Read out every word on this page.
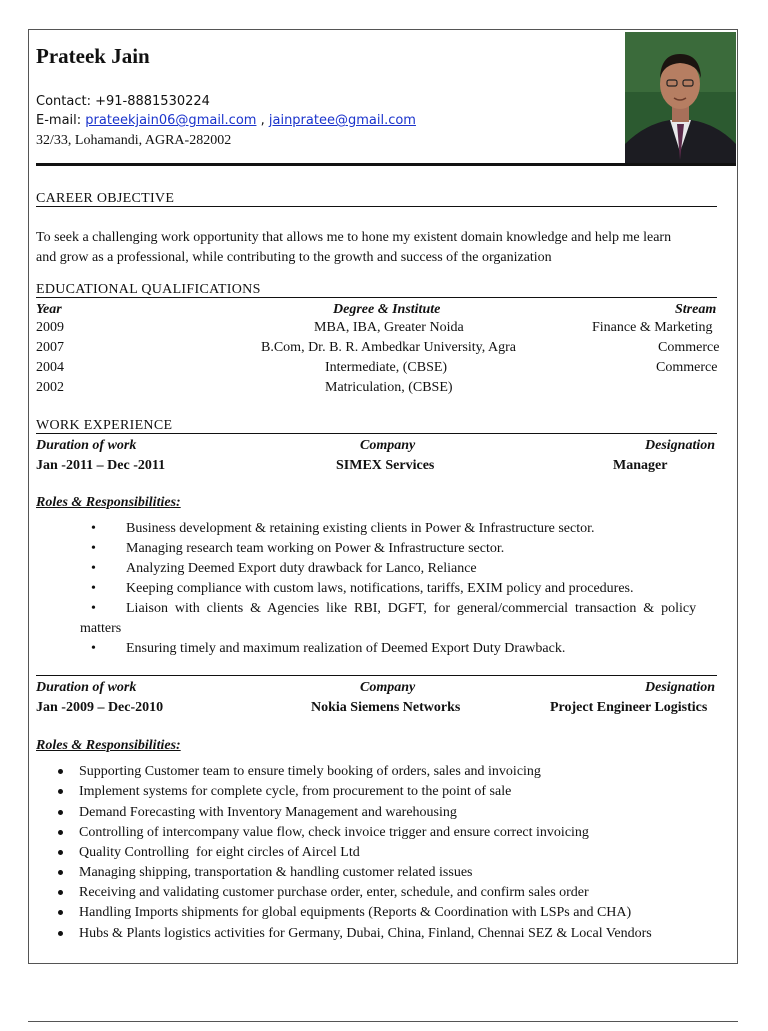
Prateek Jain
Contact: +91-8881530224
E-mail: prateekjain06@gmail.com , jainpratee@gmail.com
32/33, Lohamandi, AGRA-282002
CAREER OBJECTIVE
To seek a challenging work opportunity that allows me to hone my existent domain knowledge and help me learn
and grow as a professional, while contributing to the growth and success of the organization
EDUCATIONAL QUALIFICATIONS
Year	Degree & Institute	Stream
2009	MBA, IBA, Greater Noida	Finance & Marketing
2007	B.Com, Dr. B. R. Ambedkar University, Agra	Commerce
2004	Intermediate, (CBSE)	Commerce
2002	Matriculation, (CBSE)
WORK EXPERIENCE
Duration of work	Company	Designation
Jan -2011 – Dec -2011	SIMEX Services	Manager
Roles & Responsibilities:
• Business development & retaining existing clients in Power & Infrastructure sector.
• Managing research team working on Power & Infrastructure sector.
• Analyzing Deemed Export duty drawback for Lanco, Reliance
• Keeping compliance with custom laws, notifications, tariffs, EXIM policy and procedures.
• Liaison with clients & Agencies like RBI, DGFT, for general/commercial transaction & policy
matters
• Ensuring timely and maximum realization of Deemed Export Duty Drawback.
Duration of work	Company	Designation
Jan -2009 – Dec-2010	Nokia Siemens Networks	Project Engineer Logistics
Roles & Responsibilities:
Supporting Customer team to ensure timely booking of orders, sales and invoicing
Implement systems for complete cycle, from procurement to the point of sale
Demand Forecasting with Inventory Management and warehousing
Controlling of intercompany value flow, check invoice trigger and ensure correct invoicing
Quality Controlling  for eight circles of Aircel Ltd
Managing shipping, transportation & handling customer related issues
Receiving and validating customer purchase order, enter, schedule, and confirm sales order
Handling Imports shipments for global equipments (Reports & Coordination with LSPs and CHA)
Hubs & Plants logistics activities for Germany, Dubai, China, Finland, Chennai SEZ & Local Vendors
